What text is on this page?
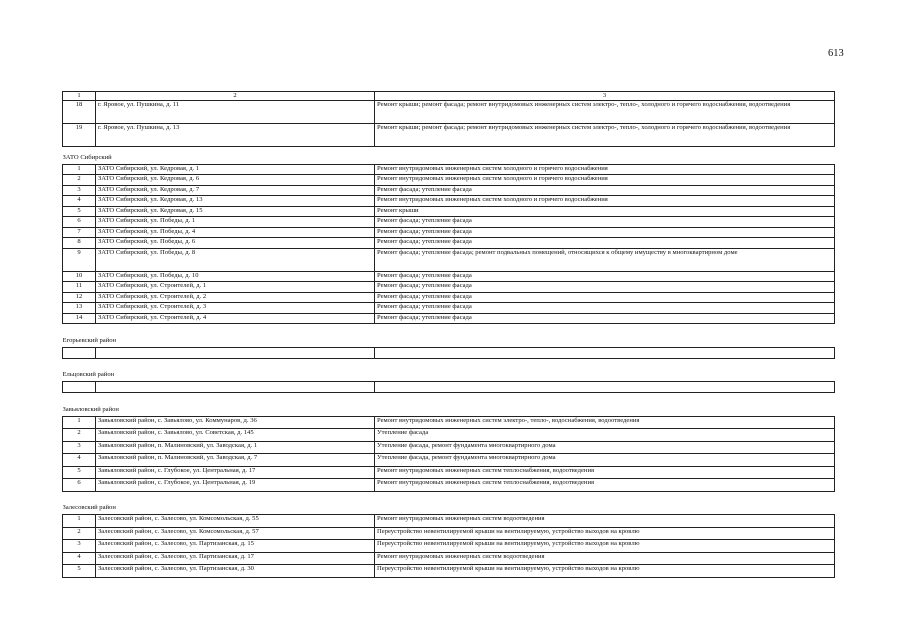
613
1	2	3
18	г. Яровое, ул. Пушкина, д. 11	Ремонт крыши; ремонт фасада; ремонт внутридомовых инженерных систем электро-, тепло-, холодного и горячего водоснабжения, водоотведения
19	г. Яровое, ул. Пушкина, д. 13	Ремонт крыши; ремонт фасада; ремонт внутридомовых инженерных систем электро-, тепло-, холодного и горячего водоснабжения, водоотведения

ЗАТО Сибирский		
1	ЗАТО Сибирский, ул. Кедровая, д. 1	Ремонт внутридомовых инженерных систем холодного и горячего водоснабжения
2	ЗАТО Сибирский, ул. Кедровая, д. 6	Ремонт внутридомовых инженерных систем холодного и горячего водоснабжения
3	ЗАТО Сибирский, ул. Кедровая, д. 7	Ремонт фасада; утепление фасада
4	ЗАТО Сибирский, ул. Кедровая, д. 13	Ремонт внутридомовых инженерных систем холодного и горячего водоснабжения
5	ЗАТО Сибирский, ул. Кедровая, д. 15	Ремонт крыши
6	ЗАТО Сибирский, ул. Победы, д. 1	Ремонт фасада; утепление фасада
7	ЗАТО Сибирский, ул. Победы, д. 4	Ремонт фасада; утепление фасада
8	ЗАТО Сибирский, ул. Победы, д. 6	Ремонт фасада; утепление фасада
9	ЗАТО Сибирский, ул. Победы, д. 8	Ремонт фасада; утепление фасада; ремонт подвальных помещений, относящихся к общему имуществу в многоквартирном доме
10	ЗАТО Сибирский, ул. Победы, д. 10	Ремонт фасада; утепление фасада
11	ЗАТО Сибирский, ул. Строителей, д. 1	Ремонт фасада; утепление фасада
12	ЗАТО Сибирский, ул. Строителей, д. 2	Ремонт фасада; утепление фасада
13	ЗАТО Сибирский, ул. Строителей, д. 3	Ремонт фасада; утепление фасада
14	ЗАТО Сибирский, ул. Строителей, д. 4	Ремонт фасада; утепление фасада

Егорьевский район		

Ельцовский район		

Завьяловский район		
1	Завьяловский район, с. Завьялово, ул. Коммунаров, д. 36	Ремонт внутридомовых инженерных систем электро-, тепло-, водоснабжения, водоотведения
2	Завьяловский район, с. Завьялово, ул. Советская, д. 145	Утепление фасада
3	Завьяловский район, п. Малиновский, ул. Заводская, д. 1	Утепление фасада, ремонт фундамента многоквартирного дома
4	Завьяловский район, п. Малиновский, ул. Заводская, д. 7	Утепление фасада, ремонт фундамента многоквартирного дома
5	Завьяловский район, с. Глубокое, ул. Центральная, д. 17	Ремонт внутридомовых инженерных систем теплоснабжения, водоотведения
6	Завьяловский район, с. Глубокое, ул. Центральная, д. 19	Ремонт внутридомовых инженерных систем теплоснабжения, водоотведения

Залесовский район		
1	Залесовский район, с. Залесово, ул. Комсомольская, д. 55	Ремонт внутридомовых инженерных систем водоотведения
2	Залесовский район, с. Залесово, ул. Комсомольская, д. 57	Переустройство невентилируемой крыши на вентилируемую, устройство выходов на кровлю
3	Залесовский район, с. Залесово, ул. Партизанская, д. 15	Переустройство невентилируемой крыши на вентилируемую, устройство выходов на кровлю
4	Залесовский район, с. Залесово, ул. Партизанская, д. 17	Ремонт внутридомовых инженерных систем водоотведения
5	Залесовский район, с. Залесово, ул. Партизанская, д. 30	Переустройство невентилируемой крыши на вентилируемую, устройство выходов на кровлю
